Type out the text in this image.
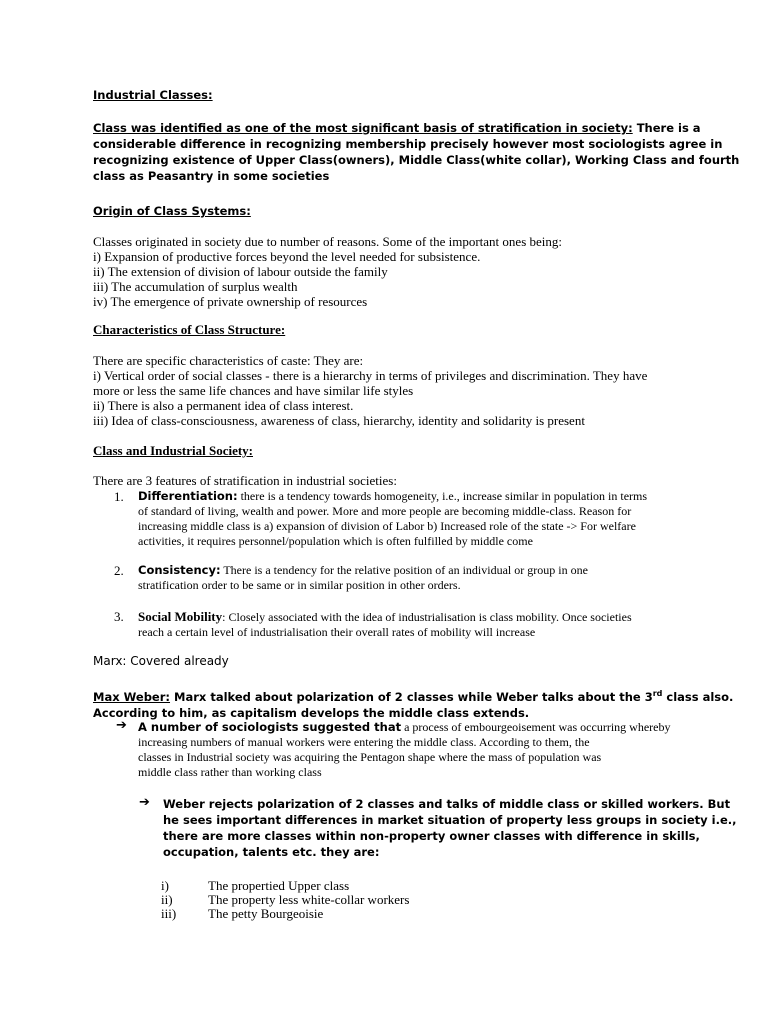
Industrial Classes:
Class was identified as one of the most significant basis of stratification in society: There is a
considerable difference in recognizing membership precisely however most sociologists agree in
recognizing existence of Upper Class(owners), Middle Class(white collar), Working Class and fourth
class as Peasantry in some societies
Origin of Class Systems:
Classes originated in society due to number of reasons. Some of the important ones being:
i) Expansion of productive forces beyond the level needed for subsistence.
ii) The extension of division of labour outside the family
iii) The accumulation of surplus wealth
iv) The emergence of private ownership of resources
Characteristics of Class Structure:
There are specific characteristics of caste: They are:
i) Vertical order of social classes - there is a hierarchy in terms of privileges and discrimination. They have
more or less the same life chances and have similar life styles
ii) There is also a permanent idea of class interest.
iii) Idea of class-consciousness, awareness of class, hierarchy, identity and solidarity is present
Class and Industrial Society:
There are 3 features of stratification in industrial societies:
1. Differentiation: there is a tendency towards homogeneity, i.e., increase similar in population in terms
of standard of living, wealth and power. More and more people are becoming middle-class. Reason for
increasing middle class is a) expansion of division of Labor b) Increased role of the state -> For welfare
activities, it requires personnel/population which is often fulfilled by middle come
2. Consistency: There is a tendency for the relative position of an individual or group in one
stratification order to be same or in similar position in other orders.
3. Social Mobility: Closely associated with the idea of industrialisation is class mobility. Once societies
reach a certain level of industrialisation their overall rates of mobility will increase
Marx: Covered already
Max Weber: Marx talked about polarization of 2 classes while Weber talks about the 3rd class also.
According to him, as capitalism develops the middle class extends.
➔ A number of sociologists suggested that a process of embourgeoisement was occurring whereby
increasing numbers of manual workers were entering the middle class. According to them, the
classes in Industrial society was acquiring the Pentagon shape where the mass of population was
middle class rather than working class
➔ Weber rejects polarization of 2 classes and talks of middle class or skilled workers. But
he sees important differences in market situation of property less groups in society i.e.,
there are more classes within non-property owner classes with difference in skills,
occupation, talents etc. they are:
i)	The propertied Upper class
ii)	The property less white-collar workers
iii)	The petty Bourgeoisie
